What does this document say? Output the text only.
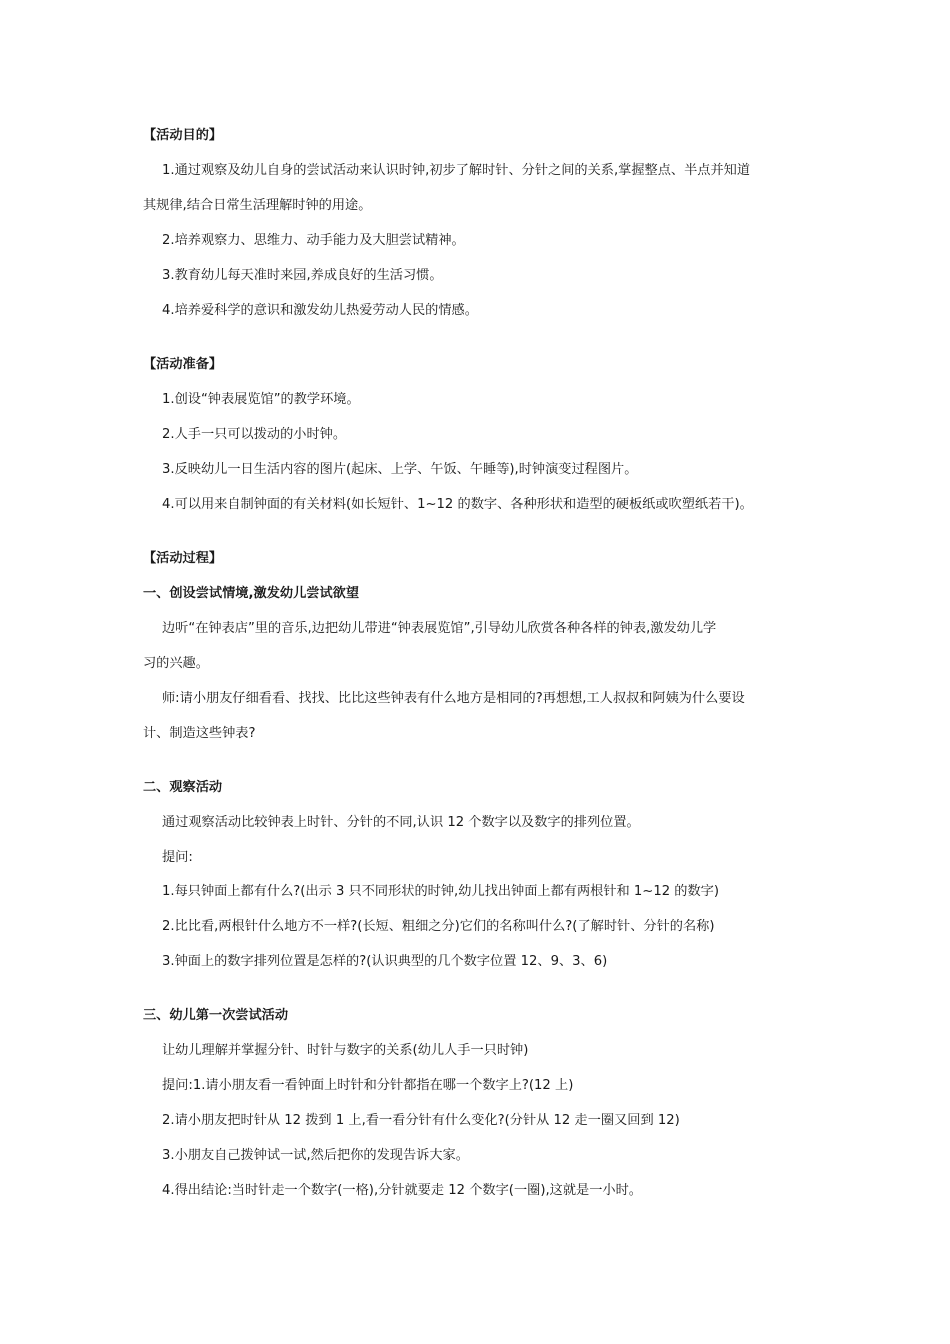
【活动目的】
1.通过观察及幼儿自身的尝试活动来认识时钟,初步了解时针、分针之间的关系,掌握整点、半点并知道
其规律,结合日常生活理解时钟的用途。
2.培养观察力、思维力、动手能力及大胆尝试精神。
3.教育幼儿每天准时来园,养成良好的生活习惯。
4.培养爱科学的意识和激发幼儿热爱劳动人民的情感。
【活动准备】
1.创设“钟表展览馆”的教学环境。
2.人手一只可以拨动的小时钟。
3.反映幼儿一日生活内容的图片(起床、上学、午饭、午睡等),时钟演变过程图片。
4.可以用来自制钟面的有关材料(如长短针、1~12 的数字、各种形状和造型的硬板纸或吹塑纸若干)。
【活动过程】
一、创设尝试情境,激发幼儿尝试欲望
边听“在钟表店”里的音乐,边把幼儿带进“钟表展览馆”,引导幼儿欣赏各种各样的钟表,激发幼儿学
习的兴趣。
师:请小朋友仔细看看、找找、比比这些钟表有什么地方是相同的?再想想,工人叔叔和阿姨为什么要设
计、制造这些钟表?
二、观察活动
通过观察活动比较钟表上时针、分针的不同,认识 12 个数字以及数字的排列位置。
提问:
1.每只钟面上都有什么?(出示 3 只不同形状的时钟,幼儿找出钟面上都有两根针和 1~12 的数字)
2.比比看,两根针什么地方不一样?(长短、粗细之分)它们的名称叫什么?(了解时针、分针的名称)
3.钟面上的数字排列位置是怎样的?(认识典型的几个数字位置 12、9、3、6)
三、幼儿第一次尝试活动
让幼儿理解并掌握分针、时针与数字的关系(幼儿人手一只时钟)
提问:1.请小朋友看一看钟面上时针和分针都指在哪一个数字上?(12 上)
2.请小朋友把时针从 12 拨到 1 上,看一看分针有什么变化?(分针从 12 走一圈又回到 12)
3.小朋友自己拨钟试一试,然后把你的发现告诉大家。
4.得出结论:当时针走一个数字(一格),分针就要走 12 个数字(一圈),这就是一小时。
